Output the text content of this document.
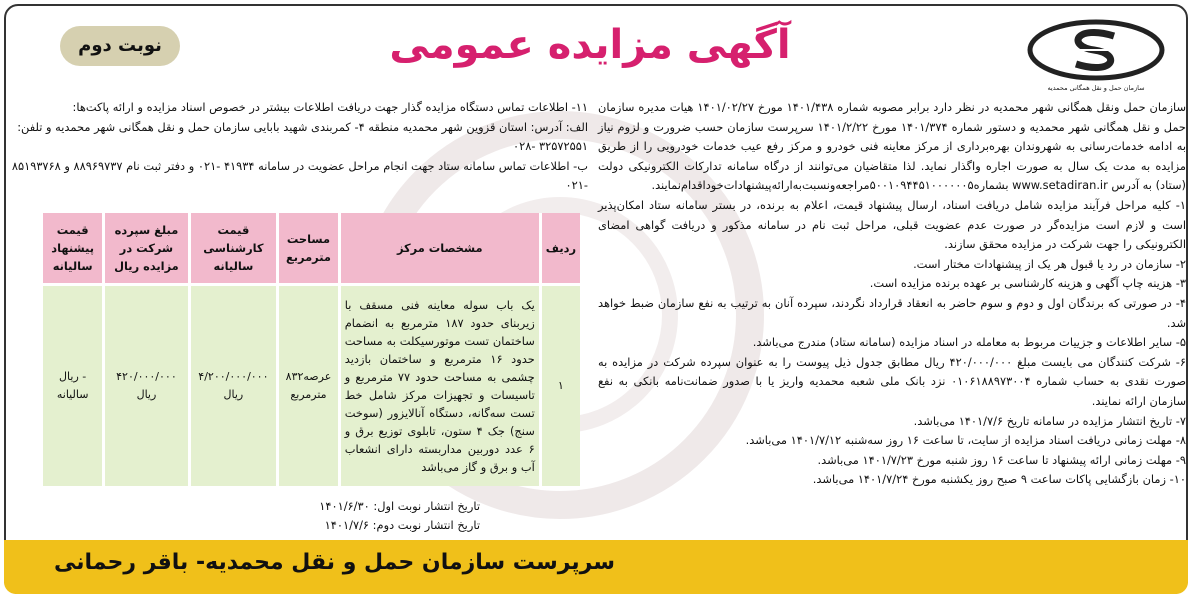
سازمان حمل و نقل همگانی محمدیه
آگهی مزایده عمومی
نوبت دوم

سازمان حمل ونقل همگانی شهر محمدیه در نظر دارد برابر مصوبه شماره ۱۴۰۱/۴۳۸ مورخ ۱۴۰۱/۰۲/۲۷ هیات مدیره سازمان حمل و نقل همگانی شهر محمدیه و دستور شماره ۱۴۰۱/۳۷۴ مورخ ۱۴۰۱/۲/۲۲ سرپرست سازمان حسب ضرورت و لزوم نیاز به ادامه خدمات‌رسانی به شهروندان بهره‌برداری از مرکز معاینه فنی خودرو و مرکز رفع عیب خدمات خودرویی را از طریق مزایده به مدت یک سال به صورت اجاره واگذار نماید. لذا متقاضیان می‌توانند از درگاه سامانه تدارکات الکترونیکی دولت (ستاد) به آدرس www.setadiran.ir بشماره۵۰۰۱۰۹۴۴۵۱۰۰۰۰۰۰۵مراجعه‌ونسبت‌به‌ارائه‌پیشنهادات‌خوداقدام‌نمایند.

۱- کلیه مراحل فرآیند مزایده شامل دریافت اسناد، ارسال پیشنهاد قیمت، اعلام به برنده، در بستر سامانه ستاد امکان‌پذیر است و لازم است مزایده‌گر در صورت عدم عضویت قبلی، مراحل ثبت نام در سامانه مذکور و دریافت گواهی امضای الکترونیکی را جهت شرکت در مزایده محقق سازند.

۲- سازمان در رد یا قبول هر یک از پیشنهادات مختار است.

۳- هزینه چاپ آگهی و هزینه کارشناسی بر عهده برنده مزایده است.

۴- در صورتی که برندگان اول و دوم و سوم حاضر به انعقاد قرارداد نگردند، سپرده آنان به ترتیب به نفع سازمان ضبط خواهد شد.

۵- سایر اطلاعات و جزییات مربوط به معامله در اسناد مزایده (سامانه ستاد) مندرج می‌باشد.

۶- شرکت کنندگان می بایست مبلغ ۴۲۰/۰۰۰/۰۰۰ ریال مطابق جدول ذیل پیوست را به عنوان سپرده شرکت در مزایده به صورت نقدی به حساب شماره ۰۱۰۶۱۸۸۹۷۳۰۰۴ نزد بانک ملی شعبه محمدیه واریز یا با صدور ضمانت‌نامه بانکی به نفع سازمان ارائه نمایند.

۷- تاریخ انتشار مزایده در سامانه تاریخ ۱۴۰۱/۷/۶ می‌باشد.

۸- مهلت زمانی دریافت اسناد مزایده از سایت، تا ساعت ۱۶ روز سه‌شنبه ۱۴۰۱/۷/۱۲ می‌باشد.

۹- مهلت زمانی ارائه پیشنهاد تا ساعت ۱۶ روز شنبه مورخ ۱۴۰۱/۷/۲۳ می‌باشد.

۱۰- زمان بازگشایی پاکات ساعت ۹ صبح روز یکشنبه مورخ ۱۴۰۱/۷/۲۴ می‌باشد.

۱۱- اطلاعات تماس دستگاه مزایده گذار جهت دریافت اطلاعات بیشتر در خصوص اسناد مزایده و ارائه پاکت‌ها:

الف: آدرس: استان قزوین شهر محمدیه منطقه ۴- کمربندی شهید بابایی سازمان حمل و نقل همگانی شهر محمدیه و تلفن: ۳۲۵۷۲۵۵۱ -۰۲۸

ب- اطلاعات تماس سامانه ستاد جهت انجام مراحل عضویت در سامانه ۴۱۹۳۴ -۰۲۱ و دفتر ثبت نام ۸۸۹۶۹۷۳۷ و ۸۵۱۹۳۷۶۸ -۰۲۱

ردیف	مشخصات مرکز	مساحت مترمربع	قیمت کارشناسی سالیانه	مبلغ سپرده شرکت در مزایده ریال	قیمت پیشنهاد سالیانه
۱	یک باب سوله معاینه فنی مسقف با زیربنای حدود ۱۸۷ مترمربع به انضمام ساختمان تست موتورسیکلت به مساحت حدود ۱۶ مترمربع و ساختمان بازدید چشمی به مساحت حدود ۷۷ مترمربع و تاسیسات و تجهیزات مرکز شامل خط تست سه‌گانه، دستگاه آنالایزور (سوخت سنج) جک ۴ ستون، تابلوی توزیع برق و ۶ عدد دوربین مداربسته دارای انشعاب آب و برق و گاز می‌باشد	عرصه۸۳۲ مترمربع	۴/۲۰۰/۰۰۰/۰۰۰ ریال	۴۲۰/۰۰۰/۰۰۰ ریال	- ریال سالیانه
تاریخ انتشار نوبت اول: ۱۴۰۱/۶/۳۰
تاریخ انتشار نوبت دوم: ۱۴۰۱/۷/۶
سرپرست سازمان حمل و نقل محمدیه- باقر رحمانی
